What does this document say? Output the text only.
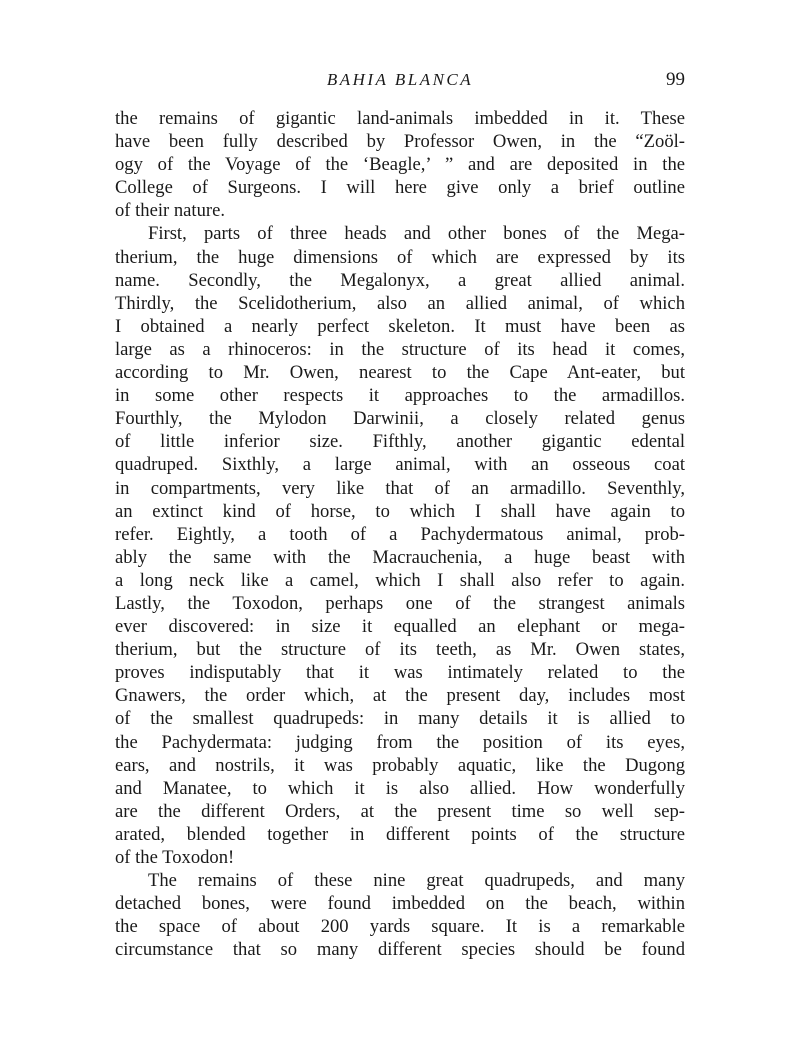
BAHIA BLANCA	99
the remains of gigantic land-animals imbedded in it. These
have been fully described by Professor Owen, in the “Zoöl-
ogy of the Voyage of the ‘Beagle,’ ” and are deposited in the
College of Surgeons. I will here give only a brief outline
of their nature.
First, parts of three heads and other bones of the Mega-
therium, the huge dimensions of which are expressed by its
name. Secondly, the Megalonyx, a great allied animal.
Thirdly, the Scelidotherium, also an allied animal, of which
I obtained a nearly perfect skeleton. It must have been as
large as a rhinoceros: in the structure of its head it comes,
according to Mr. Owen, nearest to the Cape Ant-eater, but
in some other respects it approaches to the armadillos.
Fourthly, the Mylodon Darwinii, a closely related genus
of little inferior size. Fifthly, another gigantic edental
quadruped. Sixthly, a large animal, with an osseous coat
in compartments, very like that of an armadillo. Seventhly,
an extinct kind of horse, to which I shall have again to
refer. Eightly, a tooth of a Pachydermatous animal, prob-
ably the same with the Macrauchenia, a huge beast with
a long neck like a camel, which I shall also refer to again.
Lastly, the Toxodon, perhaps one of the strangest animals
ever discovered: in size it equalled an elephant or mega-
therium, but the structure of its teeth, as Mr. Owen states,
proves indisputably that it was intimately related to the
Gnawers, the order which, at the present day, includes most
of the smallest quadrupeds: in many details it is allied to
the Pachydermata: judging from the position of its eyes,
ears, and nostrils, it was probably aquatic, like the Dugong
and Manatee, to which it is also allied. How wonderfully
are the different Orders, at the present time so well sep-
arated, blended together in different points of the structure
of the Toxodon!
The remains of these nine great quadrupeds, and many
detached bones, were found imbedded on the beach, within
the space of about 200 yards square. It is a remarkable
circumstance that so many different species should be found
